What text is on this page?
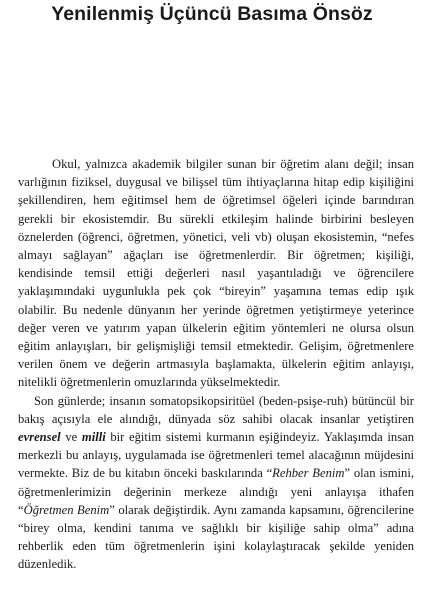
Yenilenmiş Üçüncü Basıma Önsöz

Okul, yalnızca akademik bilgiler sunan bir öğretim alanı değil; insan varlığının fiziksel, duygusal ve bilişsel tüm ihtiyaçlarına hitap edip kişiliğini şekillendiren, hem eğitimsel hem de öğretimsel öğeleri içinde barındıran gerekli bir ekosistemdir. Bu sürekli etkileşim halinde birbirini besleyen öznelerden (öğrenci, öğretmen, yönetici, veli vb) oluşan ekosistemin, “nefes almayı sağlayan” ağaçları ise öğretmenlerdir. Bir öğretmen; kişiliği, kendisinde temsil ettiği değerleri nasıl yaşantıladığı ve öğrencilere yaklaşımındaki uygunlukla pek çok “bireyin” yaşamına temas edip ışık olabilir. Bu nedenle dünyanın her yerinde öğretmen yetiştirmeye yeterince değer veren ve yatırım yapan ülkelerin eğitim yöntemleri ne olursa olsun eğitim anlayışları, bir gelişmişliği temsil etmektedir. Gelişim, öğretmenlere verilen önem ve değerin artmasıyla başlamakta, ülkelerin eğitim anlayışı, nitelikli öğretmenlerin omuzlarında yükselmektedir.

Son günlerde; insanın somatopsikopsiritüel (beden-psişe-ruh) bütüncül bir bakış açısıyla ele alındığı, dünyada söz sahibi olacak insanlar yetiştiren evrensel ve milli bir eğitim sistemi kurmanın eşiğindeyiz. Yaklaşımda insan merkezli bu anlayış, uygulamada ise öğretmenleri temel alacağının müjdesini vermekte. Biz de bu kitabın önceki baskılarında “Rehber Benim” olan ismini, öğretmenlerimizin değerinin merkeze alındığı yeni anlayışa ithafen “Öğretmen Benim” olarak değiştirdik. Aynı zamanda kapsamını, öğrencilerine “birey olma, kendini tanıma ve sağlıklı bir kişiliğe sahip olma” adına rehberlik eden tüm öğretmenlerin işini kolaylaştıracak şekilde yeniden düzenledik.
